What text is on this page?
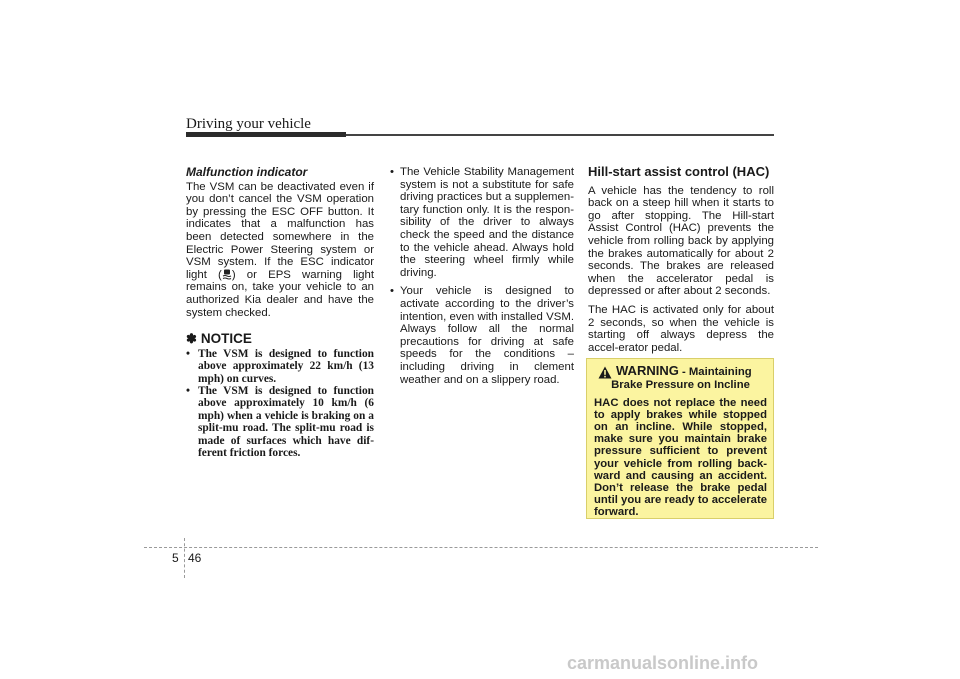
Driving your vehicle
Malfunction indicator

The VSM can be deactivated even if you don’t cancel the VSM operation by pressing the ESC OFF button. It indicates that a malfunction has been detected somewhere in the Electric Power Steering system or VSM system. If the ESC indicator light ( ) or EPS warning light remains on, take your vehicle to an authorized Kia dealer and have the system checked.

✽ NOTICE
• The VSM is designed to function above approximately 22 km/h (13 mph) on curves.
• The VSM is designed to function above approximately 10 km/h (6 mph) when a vehicle is braking on a split-mu road. The split-mu road is made of surfaces which have dif-ferent friction forces.
• The Vehicle Stability Management system is not a substitute for safe driving practices but a supplemen-tary function only. It is the respon-sibility of the driver to always check the speed and the distance to the vehicle ahead. Always hold the steering wheel firmly while driving.
• Your vehicle is designed to activate according to the driver’s intention, even with installed VSM. Always follow all the normal precautions for driving at safe speeds for the conditions – including driving in clement weather and on a slippery road.
Hill-start assist control (HAC)

A vehicle has the tendency to roll back on a steep hill when it starts to go after stopping. The Hill-start Assist Control (HAC) prevents the vehicle from rolling back by applying the brakes automatically for about 2 seconds. The brakes are released when the accelerator pedal is depressed or after about 2 seconds.

The HAC is activated only for about 2 seconds, so when the vehicle is starting off always depress the accel-erator pedal.

WARNING - Maintaining
Brake Pressure on Incline
HAC does not replace the need to apply brakes while stopped on an incline. While stopped, make sure you maintain brake pressure sufficient to prevent your vehicle from rolling back-ward and causing an accident. Don’t release the brake pedal until you are ready to accelerate forward.
5 46
carmanualsonline.info
